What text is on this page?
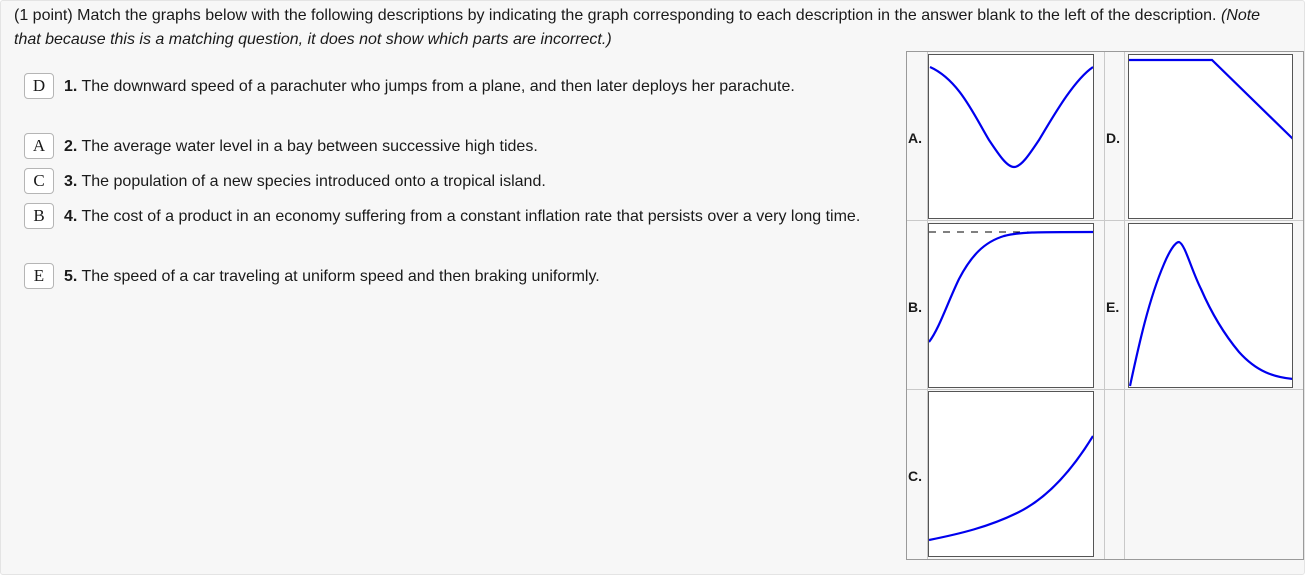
(1 point) Match the graphs below with the following descriptions by indicating the graph corresponding to each description in the answer blank to the left of the description. (Note that because this is a matching question, it does not show which parts are incorrect.)
D 1. The downward speed of a parachuter who jumps from a plane, and then later deploys her parachute.
A 2. The average water level in a bay between successive high tides.
C 3. The population of a new species introduced onto a tropical island.
B 4. The cost of a product in an economy suffering from a constant inflation rate that persists over a very long time.
E 5. The speed of a car traveling at uniform speed and then braking uniformly.
A.
B.
C.
D.
E.
